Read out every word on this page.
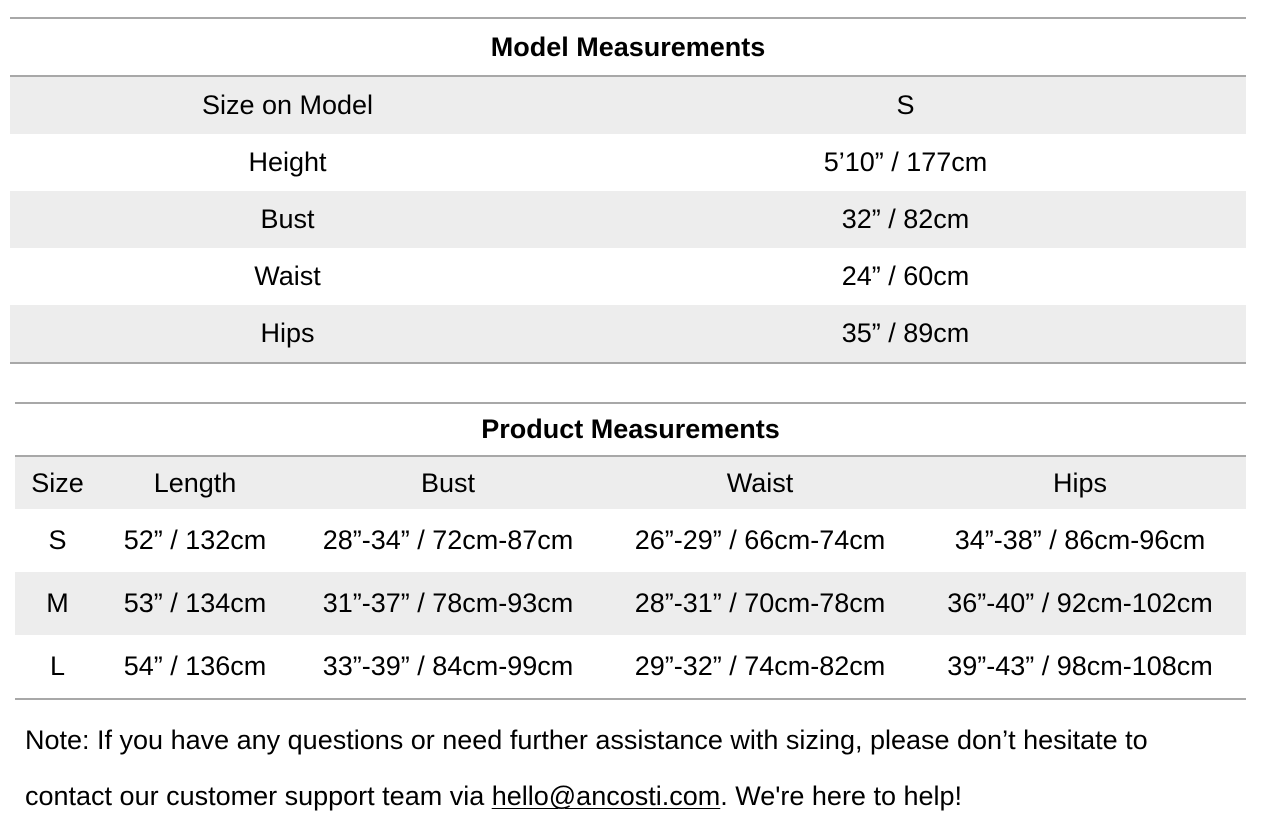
Model Measurements	
Size on Model	S
Height	5’10” / 177cm
Bust	32” / 82cm
Waist	24” / 60cm
Hips	35” / 89cm
Product Measurements				
Size	Length	Bust	Waist	Hips
S	52” / 132cm	28”-34” / 72cm-87cm	26”-29” / 66cm-74cm	34”-38” / 86cm-96cm
M	53” / 134cm	31”-37” / 78cm-93cm	28”-31” / 70cm-78cm	36”-40” / 92cm-102cm
L	54” / 136cm	33”-39” / 84cm-99cm	29”-32” / 74cm-82cm	39”-43” / 98cm-108cm
Note: If you have any questions or need further assistance with sizing, please don’t hesitate to
contact our customer support team via hello@ancosti.com. We're here to help!
